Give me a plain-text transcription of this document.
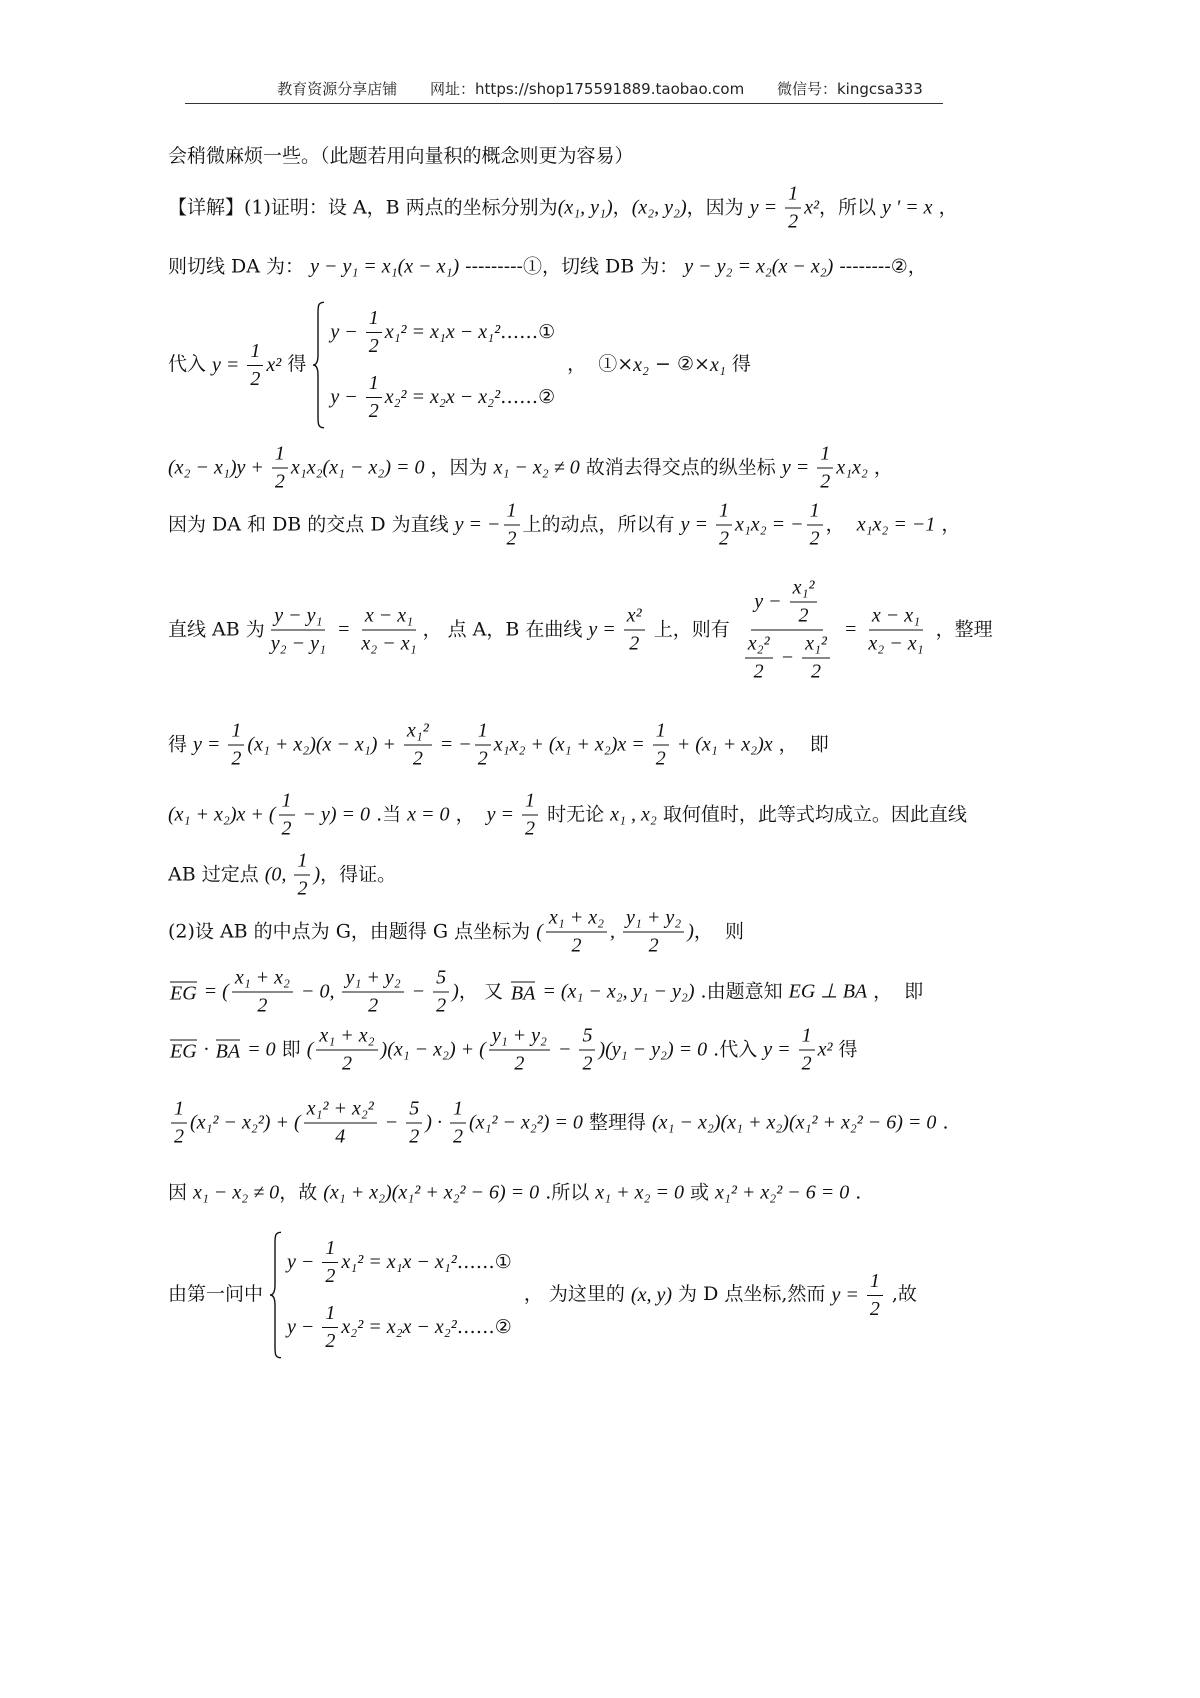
教育资源分享店铺 网址：https://shop175591889.taobao.com 微信号：kingcsa333
会稍微麻烦一些。（此题若用向量积的概念则更为容易）
【详解】(1)证明：设 A，B 两点的坐标分别为 (x₁, y₁) ， (x₂, y₂) ，因为 $y = \frac{1}{2} x^2$ ，所以 y ' = x ，
则切线 DA 为： y − y₁ = x₁(x − x₁) ---------①，切线 DB 为： y − y₂ = x₂(x − x₂) --------②，
代入 $y = \frac{1}{2} x^2$ 得
$y - \frac{1}{2} x_1^2 = x_1x - x_1^2$ ……①
$y - \frac{1}{2} x_2^2 = x_2x - x_2^2$ ……②
，  ①× x₂ − ②× x₁ 得
$(x_2 - x_1)y + \frac{1}{2} x_1x_2(x_1 - x_2) = 0$ ，因为 x₁ − x₂ ≠ 0 故消去得交点的纵坐标 $y = \frac{1}{2} x_1x_2$ ，
因为 DA 和 DB 的交点 D 为直线 y = − $\frac{1}{2}$ 上的动点，所以有 $y = \frac{1}{2} x_1x_2$ = − $\frac{1}{2}$ ， x₁x₂ = −1 ，
直线 AB 为 $\frac{\text{y − y₁}}{\text{y₂ − y₁}} = \frac{\text{x − x₁}}{\text{x₂ − x₁}}$ ， 点 A，B 在曲线 $y = \frac{\text{x²}}{2}$ 上，则有 $\frac{y - \frac{\text{x₁²}}{2}}{\frac{\text{x₂²}}{2} - \frac{\text{x₁²}}{2}} = \frac{\text{x − x₁}}{\text{x₂ − x₁}}$ ，整理
得 $y = \frac{1}{2} (x_1 + x_2)(x - x_1) + \frac{\text{x₁²}}{2}$ = − $\frac{1}{2} x_1x_2 + (x_1 + x_2)x = \frac{1}{2} + (x_1 + x_2)x$ ，  即
(x₁ + x₂)x + ( $\frac{1}{2} - y) = 0$ .当 x = 0 ， $y = \frac{1}{2}$ 时无论 x₁ , x₂ 取何值时，此等式均成立。因此直线
AB 过定点 (0, $\frac{1}{2}$ ) ，得证。
(2)设 AB 的中点为 G，由题得 G 点坐标为 ( $\frac{\text{x₁ + x₂}}{2}$ , $\frac{\text{y₁ + y₂}}{2}$ ) ，  则
EG = ( $\frac{\text{x₁ + x₂}}{2} - 0$, $\frac{\text{y₁ + y₂}}{2} - \frac{5}{2}$ ) ， 又 BA = (x₁ − x₂, y₁ − y₂) .由题意知 EG ⊥ BA ，  即
EG · BA = 0 即 ( $\frac{\text{x₁ + x₂}}{2} )(x_1 - x_2)$ + ( $\frac{\text{y₁ + y₂}}{2} - \frac{5}{2} )(y_1 - y_2) = 0$ .代入 $y = \frac{1}{2} x^2$ 得
$\frac{1}{2} (x_1^2 - x_2^2)$ + ( $\frac{\text{x₁² + x₂²}}{4} - \frac{5}{2}$ ) · $\frac{1}{2} (x_1^2 - x_2^2) = 0$ 整理得 (x₁ − x₂)(x₁ + x₂)(x₁² + x₂² − 6) = 0 .
因 x₁ − x₂ ≠ 0 ，故 (x₁ + x₂)(x₁² + x₂² − 6) = 0 .所以 x₁ + x₂ = 0 或 x₁² + x₂² − 6 = 0 .
由第一问中
$y - \frac{1}{2} x_1^2 = x_1x - x_1^2$ ……①
$y - \frac{1}{2} x_2^2 = x_2x - x_2^2$ ……②
， 为这里的 (x, y) 为 D 点坐标,然而 $y = \frac{1}{2}$ ,故
